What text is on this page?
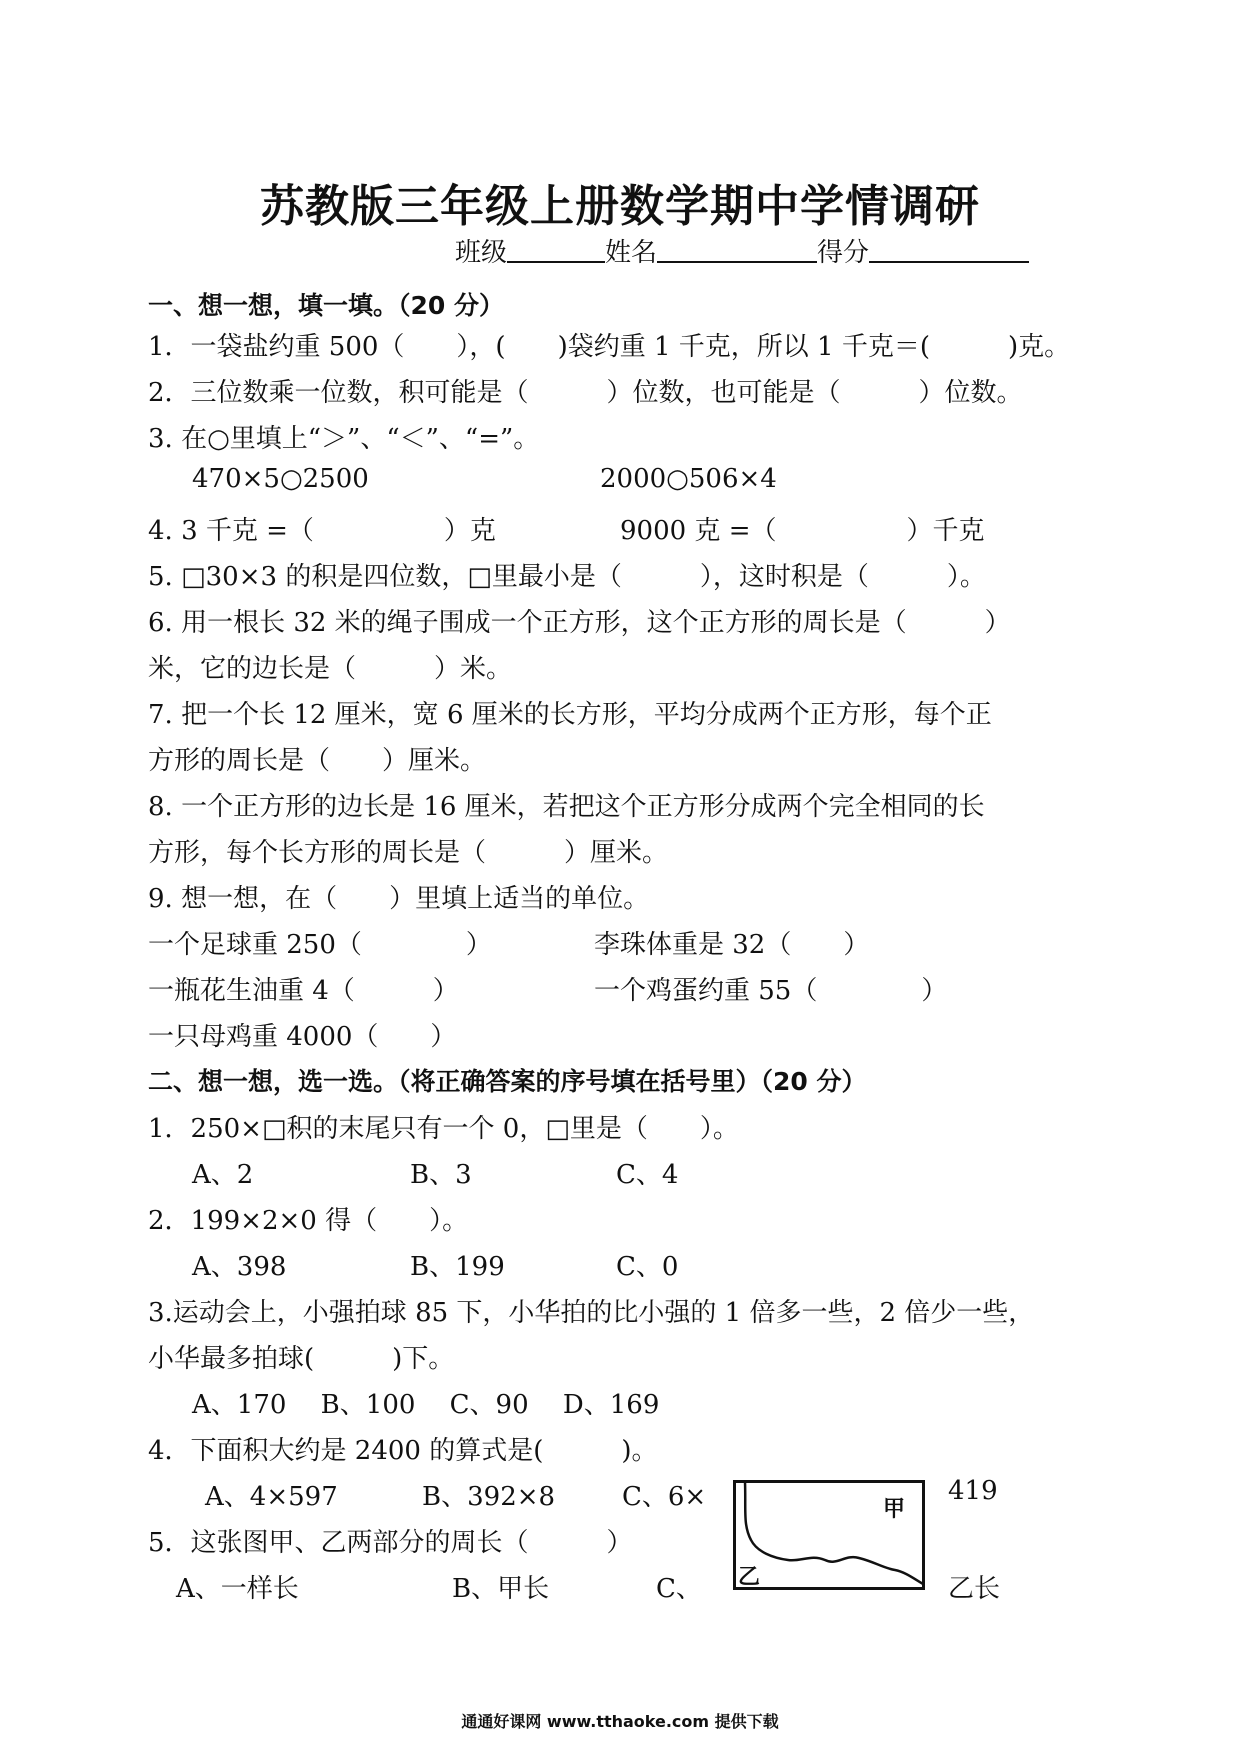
苏教版三年级上册数学期中学情调研
班级	姓名	得分
一、想一想，填一填。（20 分）
1．一袋盐约重 500（　　），(　　)袋约重 1 千克，所以 1 千克＝(　　　)克。
2．三位数乘一位数，积可能是（　　　）位数，也可能是（　　　）位数。
3. 在○里填上“＞”、“＜”、“=”。
470×5○2500	2000○506×4
4. 3 千克 =（　　　　　）克	9000 克 =（　　　　　）千克
5. □30×3 的积是四位数，□里最小是（　　　），这时积是（　　　）。
6. 用一根长 32 米的绳子围成一个正方形，这个正方形的周长是（　　　）
米，它的边长是（　　　）米。
7. 把一个长 12 厘米，宽 6 厘米的长方形，平均分成两个正方形，每个正
方形的周长是（　　）厘米。
8. 一个正方形的边长是 16 厘米，若把这个正方形分成两个完全相同的长
方形，每个长方形的周长是（　　　）厘米。
9. 想一想，在（　　）里填上适当的单位。
一个足球重 250（　　　　）	李珠体重是 32（　　）
一瓶花生油重 4（　　　）	一个鸡蛋约重 55（　　　　）
一只母鸡重 4000（　　）
二、想一想，选一选。（将正确答案的序号填在括号里）（20 分）
1．250×□积的末尾只有一个 0，□里是（　　）。
A、2	B、3	C、4
2．199×2×0 得（　　）。
A、398	B、199	C、0
3.运动会上，小强拍球 85 下，小华拍的比小强的 1 倍多一些，2 倍少一些，
小华最多拍球(　　　)下。
A、170　 B、100　 C、90　 D、169
4．下面积大约是 2400 的算式是(　　　)。
A、4×597	B、392×8	C、6×	419
5．这张图甲、乙两部分的周长（　　　）
A、一样长	B、甲长	C、	乙长
甲
乙
通通好课网 www.tthaoke.com 提供下载
